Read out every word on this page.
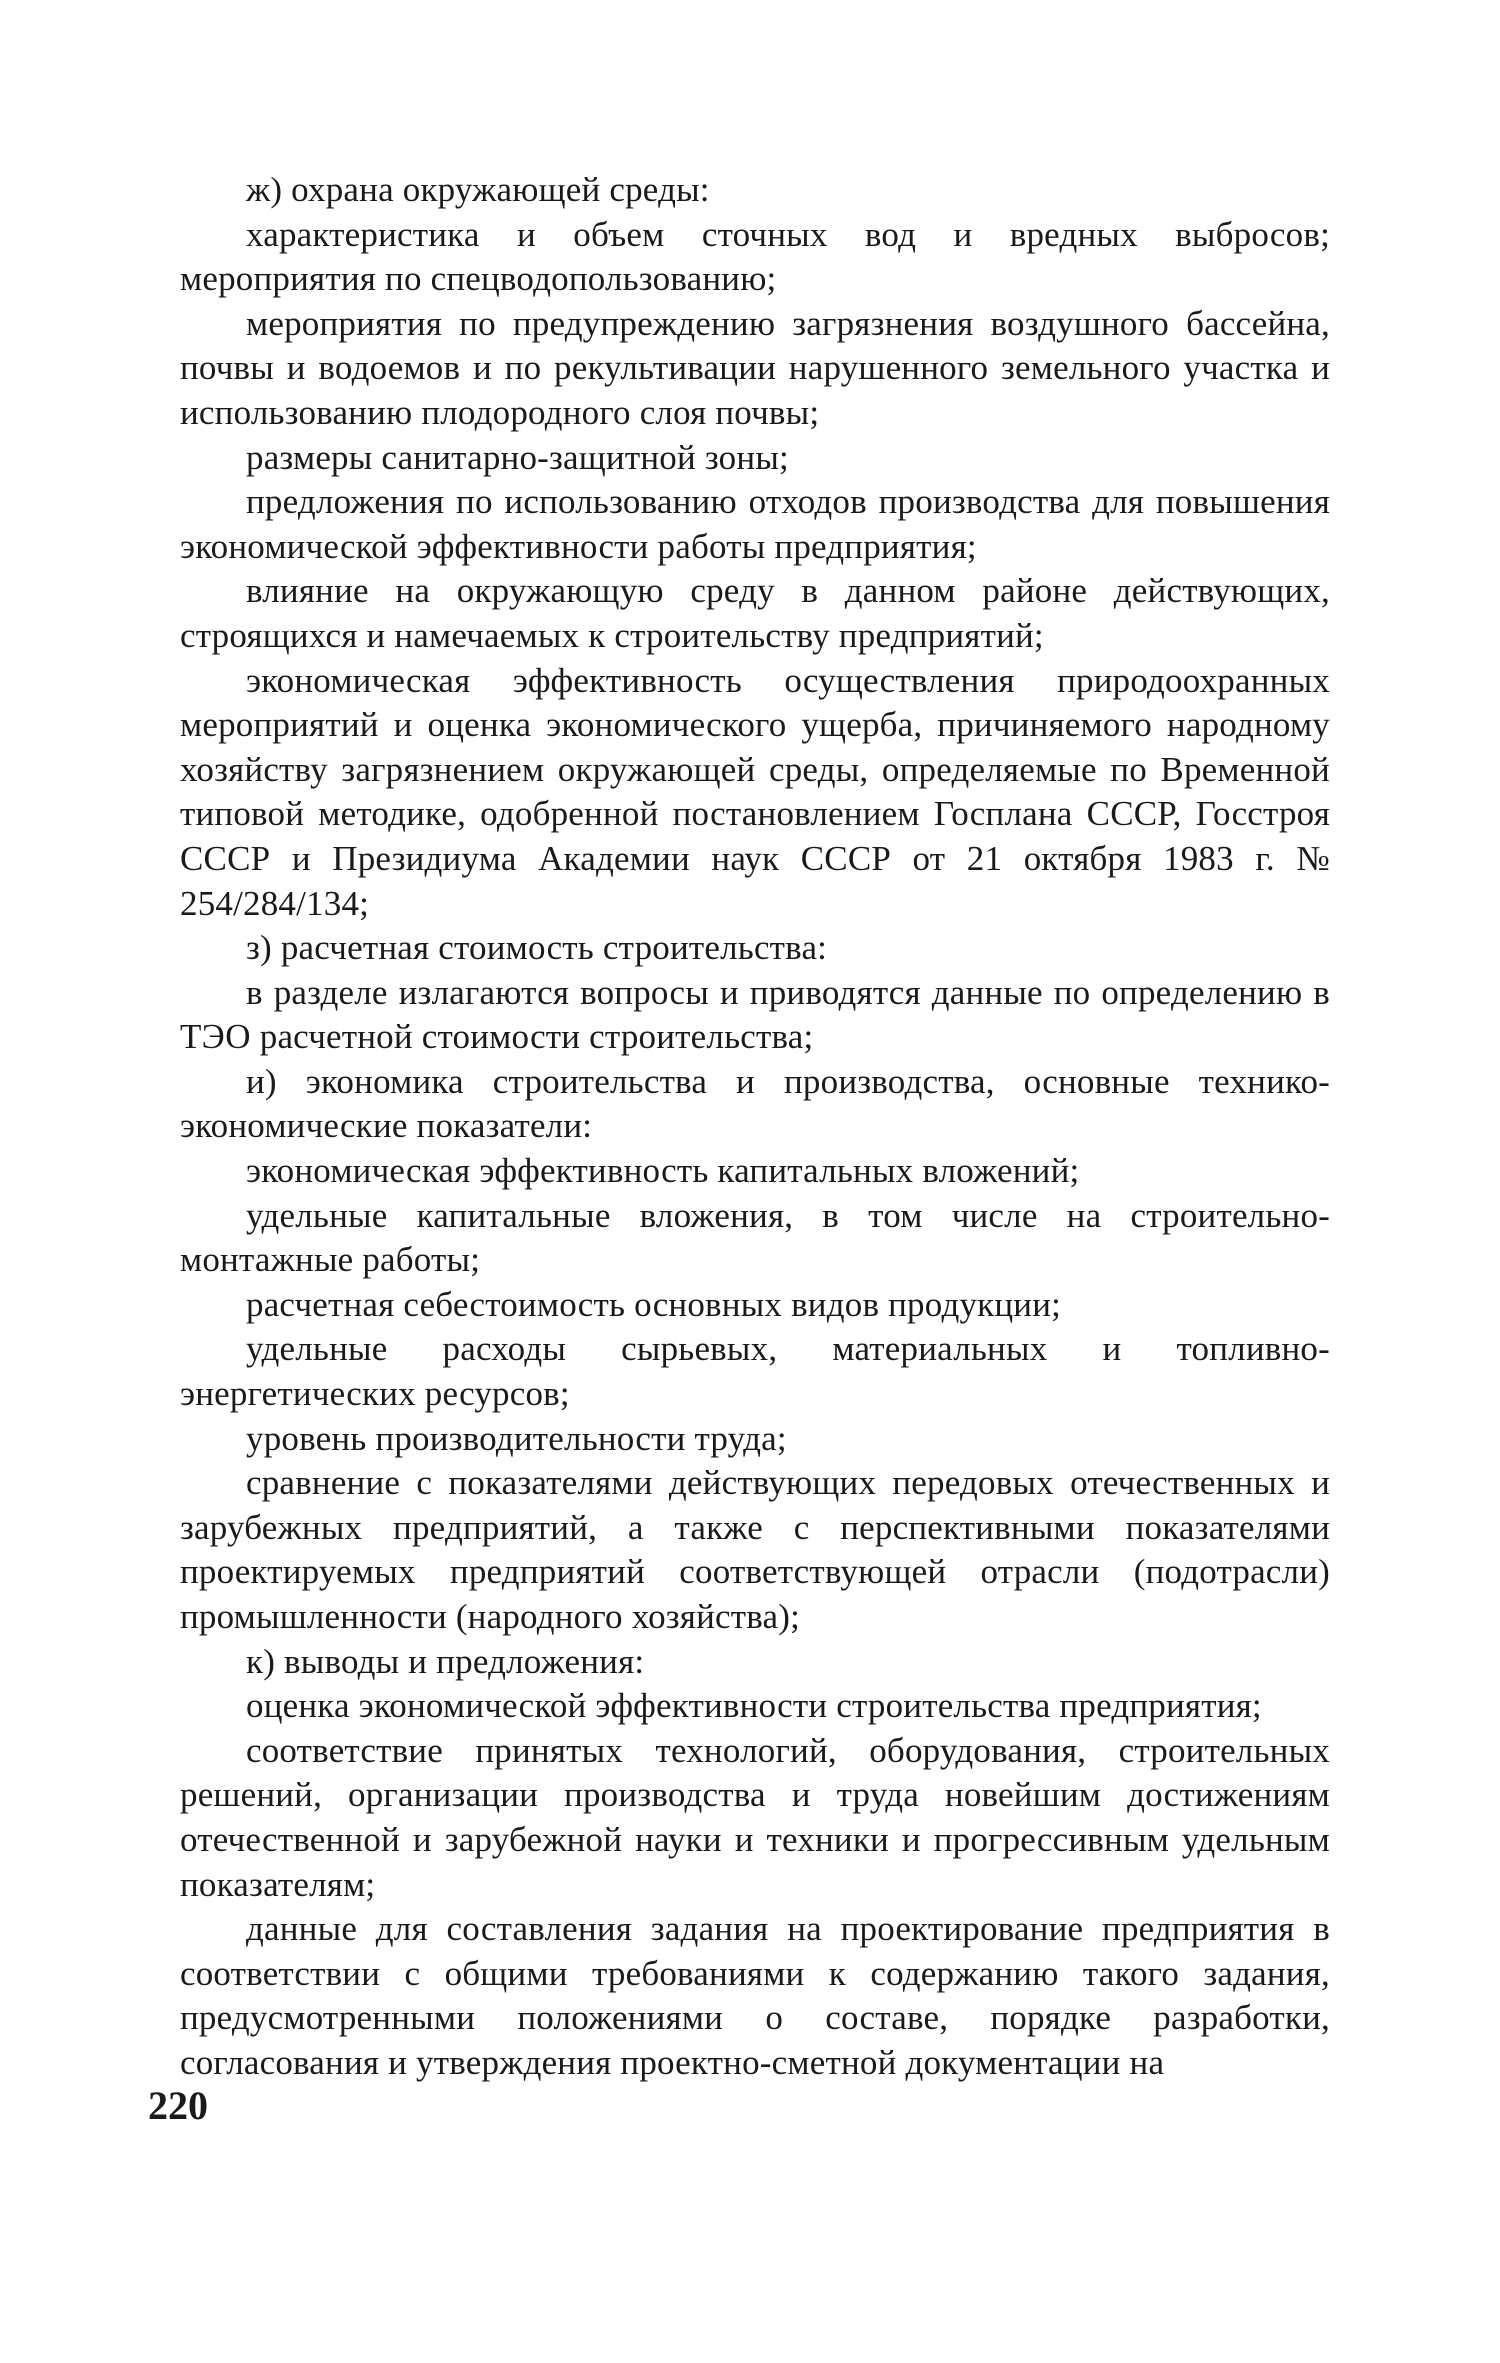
ж) охрана окружающей среды:

характеристика и объем сточных вод и вредных выбросов; мероприятия по спецводопользованию;

мероприятия по предупреждению загрязнения воздушного бассейна, почвы и водоемов и по рекультивации нарушенного земельного участка и использованию плодородного слоя почвы;

размеры санитарно-защитной зоны;

предложения по использованию отходов производства для повышения экономической эффективности работы предприятия;

влияние на окружающую среду в данном районе действующих, строящихся и намечаемых к строительству предприятий;

экономическая эффективность осуществления природоохранных мероприятий и оценка экономического ущерба, причиняемого народному хозяйству загрязнением окружающей среды, определяемые по Временной типовой методике, одобренной постановлением Госплана СССР, Госстроя СССР и Президиума Академии наук СССР от 21 октября 1983 г. № 254/284/134;

з) расчетная стоимость строительства:

в разделе излагаются вопросы и приводятся данные по определению в ТЭО расчетной стоимости строительства;

и) экономика строительства и производства, основные технико-экономические показатели:

экономическая эффективность капитальных вложений;

удельные капитальные вложения, в том числе на строительно-монтажные работы;

расчетная себестоимость основных видов продукции;

удельные расходы сырьевых, материальных и топливно-энергетических ресурсов;

уровень производительности труда;

сравнение с показателями действующих передовых отечественных и зарубежных предприятий, а также с перспективными показателями проектируемых предприятий соответствующей отрасли (подотрасли) промышленности (народного хозяйства);

к) выводы и предложения:

оценка экономической эффективности строительства предприятия;

соответствие принятых технологий, оборудования, строительных решений, организации производства и труда новейшим достижениям отечественной и зарубежной науки и техники и прогрессивным удельным показателям;

данные для составления задания на проектирование предприятия в соответствии с общими требованиями к содержанию такого задания, предусмотренными положениями о составе, порядке разработки, согласования и утверждения проектно-сметной документации на

220
